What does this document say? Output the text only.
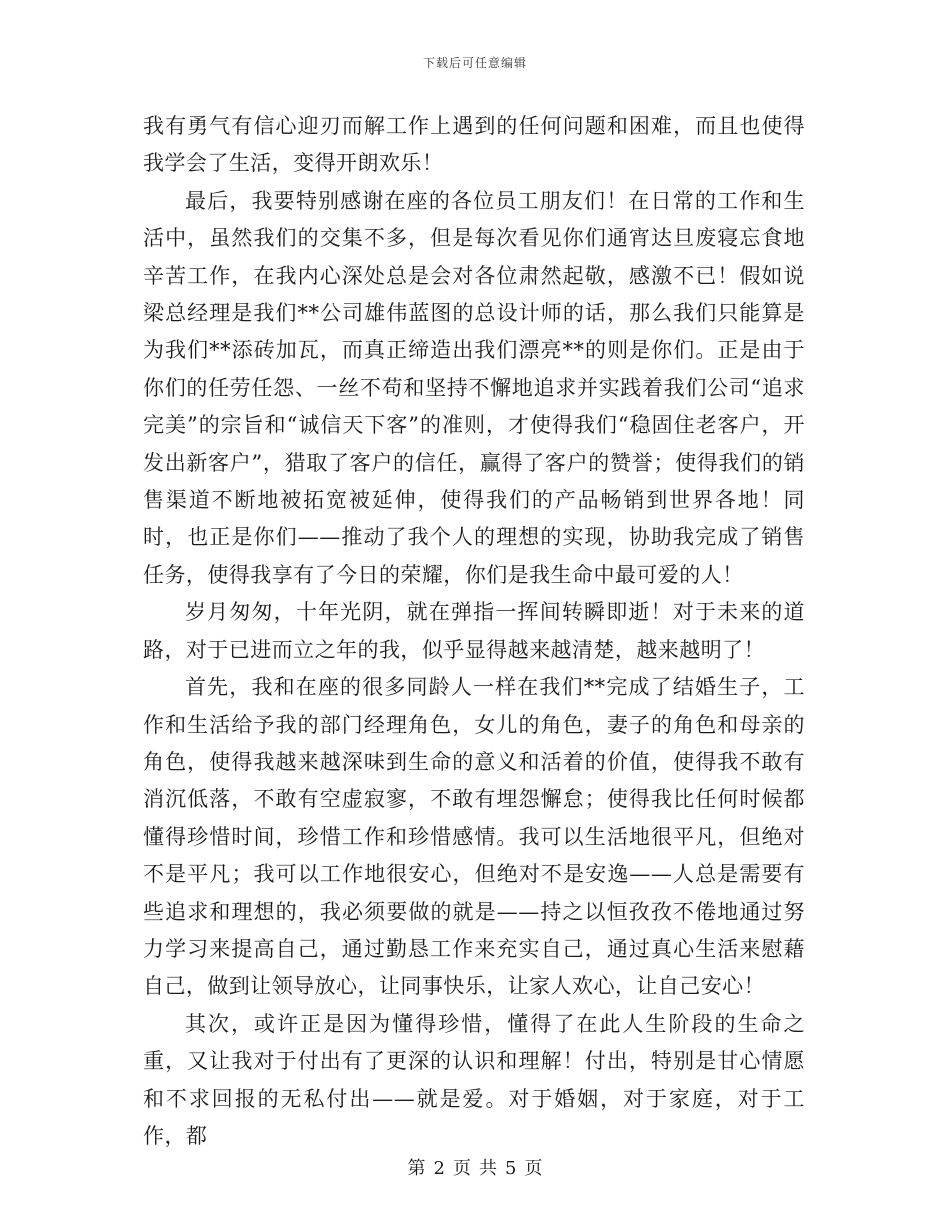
下载后可任意编辑

我有勇气有信心迎刃而解工作上遇到的任何问题和困难，而且也使得我学会了生活，变得开朗欢乐！

最后，我要特别感谢在座的各位员工朋友们！在日常的工作和生活中，虽然我们的交集不多，但是每次看见你们通宵达旦废寝忘食地辛苦工作，在我内心深处总是会对各位肃然起敬，感激不已！假如说梁总经理是我们**公司雄伟蓝图的总设计师的话，那么我们只能算是为我们**添砖加瓦，而真正缔造出我们漂亮**的则是你们。正是由于你们的任劳任怨、一丝不苟和坚持不懈地追求并实践着我们公司“追求完美”的宗旨和“诚信天下客”的准则，才使得我们“稳固住老客户，开发出新客户”，猎取了客户的信任，赢得了客户的赞誉；使得我们的销售渠道不断地被拓宽被延伸，使得我们的产品畅销到世界各地！同时，也正是你们——推动了我个人的理想的实现，协助我完成了销售任务，使得我享有了今日的荣耀，你们是我生命中最可爱的人！

岁月匆匆，十年光阴，就在弹指一挥间转瞬即逝！对于未来的道路，对于已进而立之年的我，似乎显得越来越清楚，越来越明了！

首先，我和在座的很多同龄人一样在我们**完成了结婚生子，工作和生活给予我的部门经理角色，女儿的角色，妻子的角色和母亲的角色，使得我越来越深味到生命的意义和活着的价值，使得我不敢有消沉低落，不敢有空虚寂寥，不敢有埋怨懈怠；使得我比任何时候都懂得珍惜时间，珍惜工作和珍惜感情。我可以生活地很平凡，但绝对不是平凡；我可以工作地很安心，但绝对不是安逸——人总是需要有些追求和理想的，我必须要做的就是——持之以恒孜孜不倦地通过努力学习来提高自己，通过勤恳工作来充实自己，通过真心生活来慰藉自己，做到让领导放心，让同事快乐，让家人欢心，让自己安心！

其次，或许正是因为懂得珍惜，懂得了在此人生阶段的生命之重，又让我对于付出有了更深的认识和理解！付出，特别是甘心情愿和不求回报的无私付出——就是爱。对于婚姻，对于家庭，对于工作，都

第 2 页 共 5 页
